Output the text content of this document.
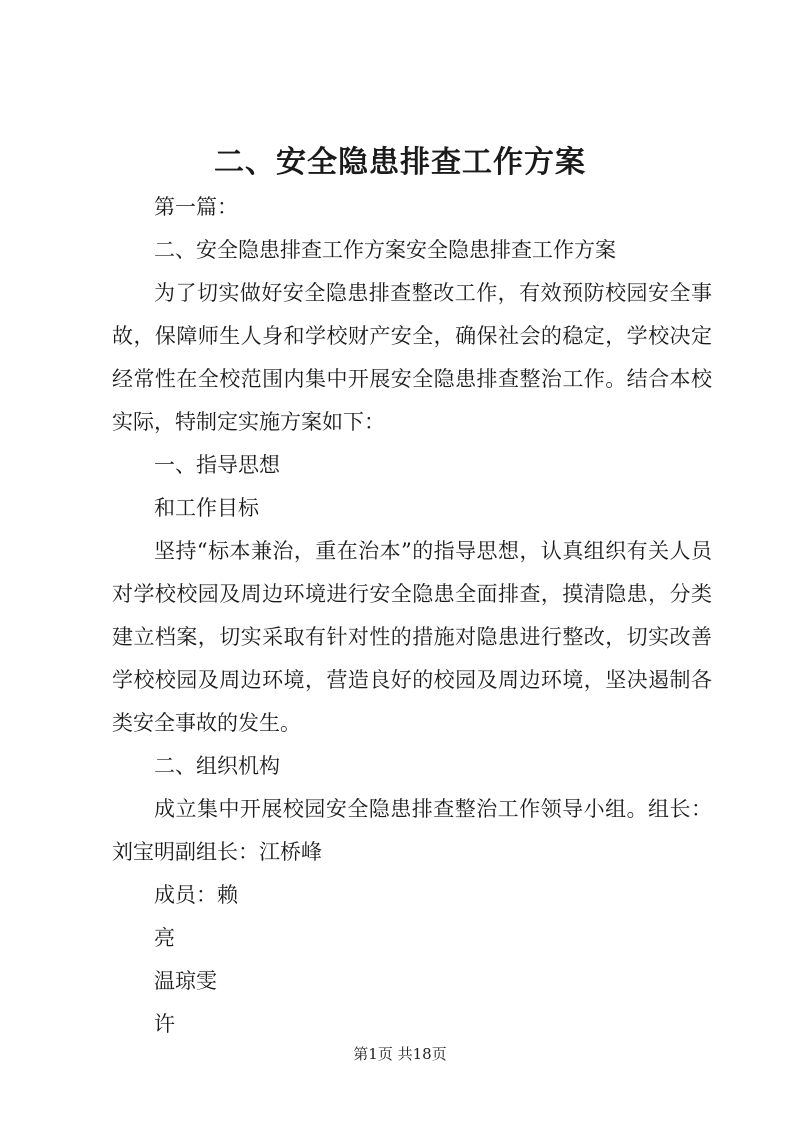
二、安全隐患排查工作方案

第一篇：

二、安全隐患排查工作方案安全隐患排查工作方案

为了切实做好安全隐患排查整改工作，有效预防校园安全事故，保障师生人身和学校财产安全，确保社会的稳定，学校决定经常性在全校范围内集中开展安全隐患排查整治工作。结合本校实际，特制定实施方案如下：

一、指导思想

和工作目标

坚持“标本兼治，重在治本”的指导思想，认真组织有关人员对学校校园及周边环境进行安全隐患全面排查，摸清隐患，分类建立档案，切实采取有针对性的措施对隐患进行整改，切实改善学校校园及周边环境，营造良好的校园及周边环境，坚决遏制各类安全事故的发生。

二、组织机构

成立集中开展校园安全隐患排查整治工作领导小组。组长：刘宝明副组长：江桥峰

成员：赖

亮

温琼雯

许

第1页 共18页
